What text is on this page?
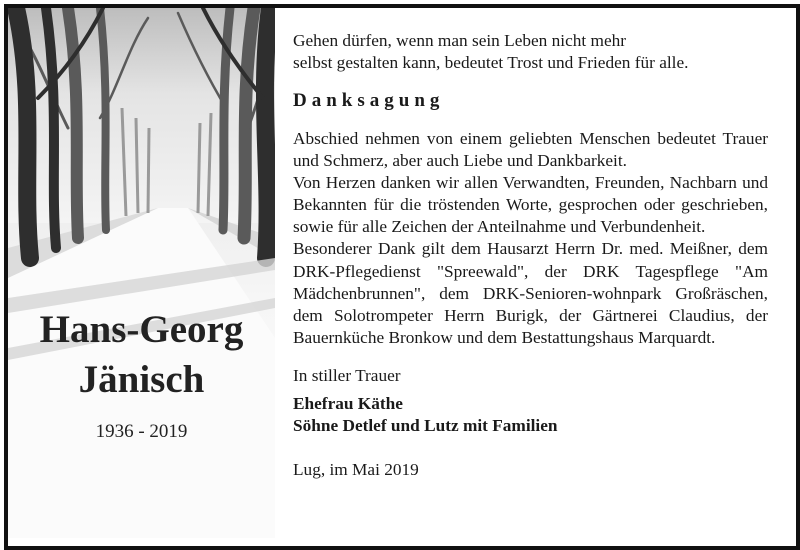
Hans-Georg
Jänisch
1936 - 2019
Gehen dürfen, wenn man sein Leben nicht mehr
selbst gestalten kann, bedeutet Trost und Frieden für alle.
Danksagung
Abschied nehmen von einem geliebten Menschen bedeutet Trauer und Schmerz, aber auch Liebe und Dankbarkeit.
Von Herzen danken wir allen Verwandten, Freunden, Nachbarn und Bekannten für die tröstenden Worte, gesprochen oder geschrieben, sowie für alle Zeichen der Anteilnahme und Verbundenheit.
Besonderer Dank gilt dem Hausarzt Herrn Dr. med. Meißner, dem DRK-Pflegedienst "Spreewald", der DRK Tagespflege "Am Mädchenbrunnen", dem DRK-Senioren-wohnpark Großräschen, dem Solotrompeter Herrn Burigk, der Gärtnerei Claudius, der Bauernküche Bronkow und dem Bestattungshaus Marquardt.
In stiller Trauer
Ehefrau Käthe
Söhne Detlef und Lutz mit Familien
Lug, im Mai 2019
